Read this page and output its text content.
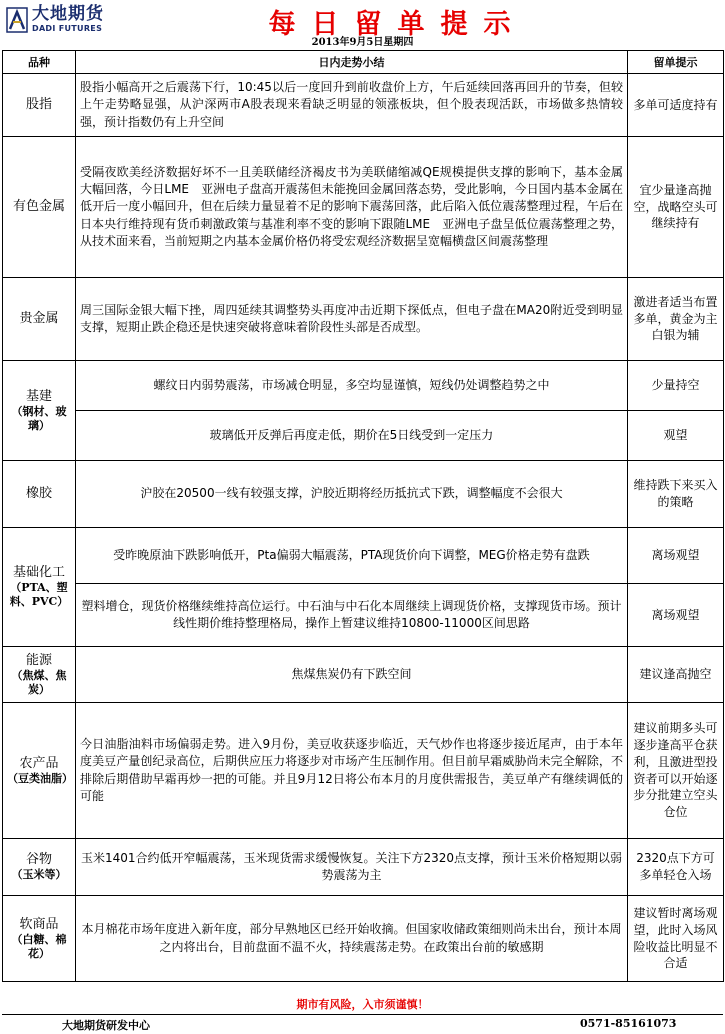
大地期货
DADI FUTURES	每日留单提示
2013年9月5日星期四
品种	日内走势小结	留单提示
股指	股指小幅高开之后震荡下行，10:45以后一度回升到前收盘价上方，午后延续回落再回升的节奏，但较上午走势略显强，从沪深两市A股表现来看缺乏明显的领涨板块，但个股表现活跃，市场做多热情较强，预计指数仍有上升空间	多单可适度持有
有色金属	受隔夜欧美经济数据好坏不一且美联储经济褐皮书为美联储缩减QE规模提供支撑的影响下，基本金属大幅回落，今日LME　亚洲电子盘高开震荡但未能挽回金属回落态势，受此影响，今日国内基本金属在低开后一度小幅回升，但在后续力量显着不足的影响下震荡回落，此后陷入低位震荡整理过程，午后在日本央行维持现有货币刺激政策与基准利率不变的影响下跟随LME　亚洲电子盘呈低位震荡整理之势，从技术面来看，当前短期之内基本金属价格仍将受宏观经济数据呈宽幅横盘区间震荡整理	宜少量逢高抛空，战略空头可继续持有
贵金属	周三国际金银大幅下挫，周四延续其调整势头再度冲击近期下探低点，但电子盘在MA20附近受到明显支撑，短期止跌企稳还是快速突破将意味着阶段性头部是否成型。	激进者适当布置多单，黄金为主白银为辅
基建
（钢材、玻璃）	螺纹日内弱势震荡，市场减仓明显，多空均显谨慎，短线仍处调整趋势之中	少量持空
	玻璃低开反弹后再度走低，期价在5日线受到一定压力	观望
橡胶	沪胶在20500一线有较强支撑，沪胶近期将经历抵抗式下跌，调整幅度不会很大	维持跌下来买入的策略
基础化工
（PTA、塑料、PVC）	受昨晚原油下跌影响低开，Pta偏弱大幅震荡，PTA现货价向下调整，MEG价格走势有盘跌	离场观望
	塑料增仓，现货价格继续维持高位运行。中石油与中石化本周继续上调现货价格，支撑现货市场。预计线性期价维持整理格局，操作上暂建议维持10800-11000区间思路	离场观望
能源
（焦煤、焦炭）	焦煤焦炭仍有下跌空间	建议逢高抛空
农产品
（豆类油脂）	今日油脂油料市场偏弱走势。进入9月份，美豆收获逐步临近，天气炒作也将逐步接近尾声，由于本年度美豆产量创纪录高位，后期供应压力将逐步对市场产生压制作用。但目前早霜威胁尚未完全解除，不排除后期借助早霜再炒一把的可能。并且9月12日将公布本月的月度供需报告，美豆单产有继续调低的可能	建议前期多头可逐步逢高平仓获利，且激进型投资者可以开始逐步分批建立空头仓位
谷物
（玉米等）	玉米1401合约低开窄幅震荡，玉米现货需求缓慢恢复。关注下方2320点支撑，预计玉米价格短期以弱势震荡为主	2320点下方可多单轻仓入场
软商品
（白糖、棉花）	本月棉花市场年度进入新年度，部分早熟地区已经开始收摘。但国家收储政策细则尚未出台，预计本周之内将出台，目前盘面不温不火，持续震荡走势。在政策出台前的敏感期	建议暂时离场观望，此时入场风险收益比明显不合适
期市有风险，入市须谨慎！
大地期货研发中心	0571-85161073
